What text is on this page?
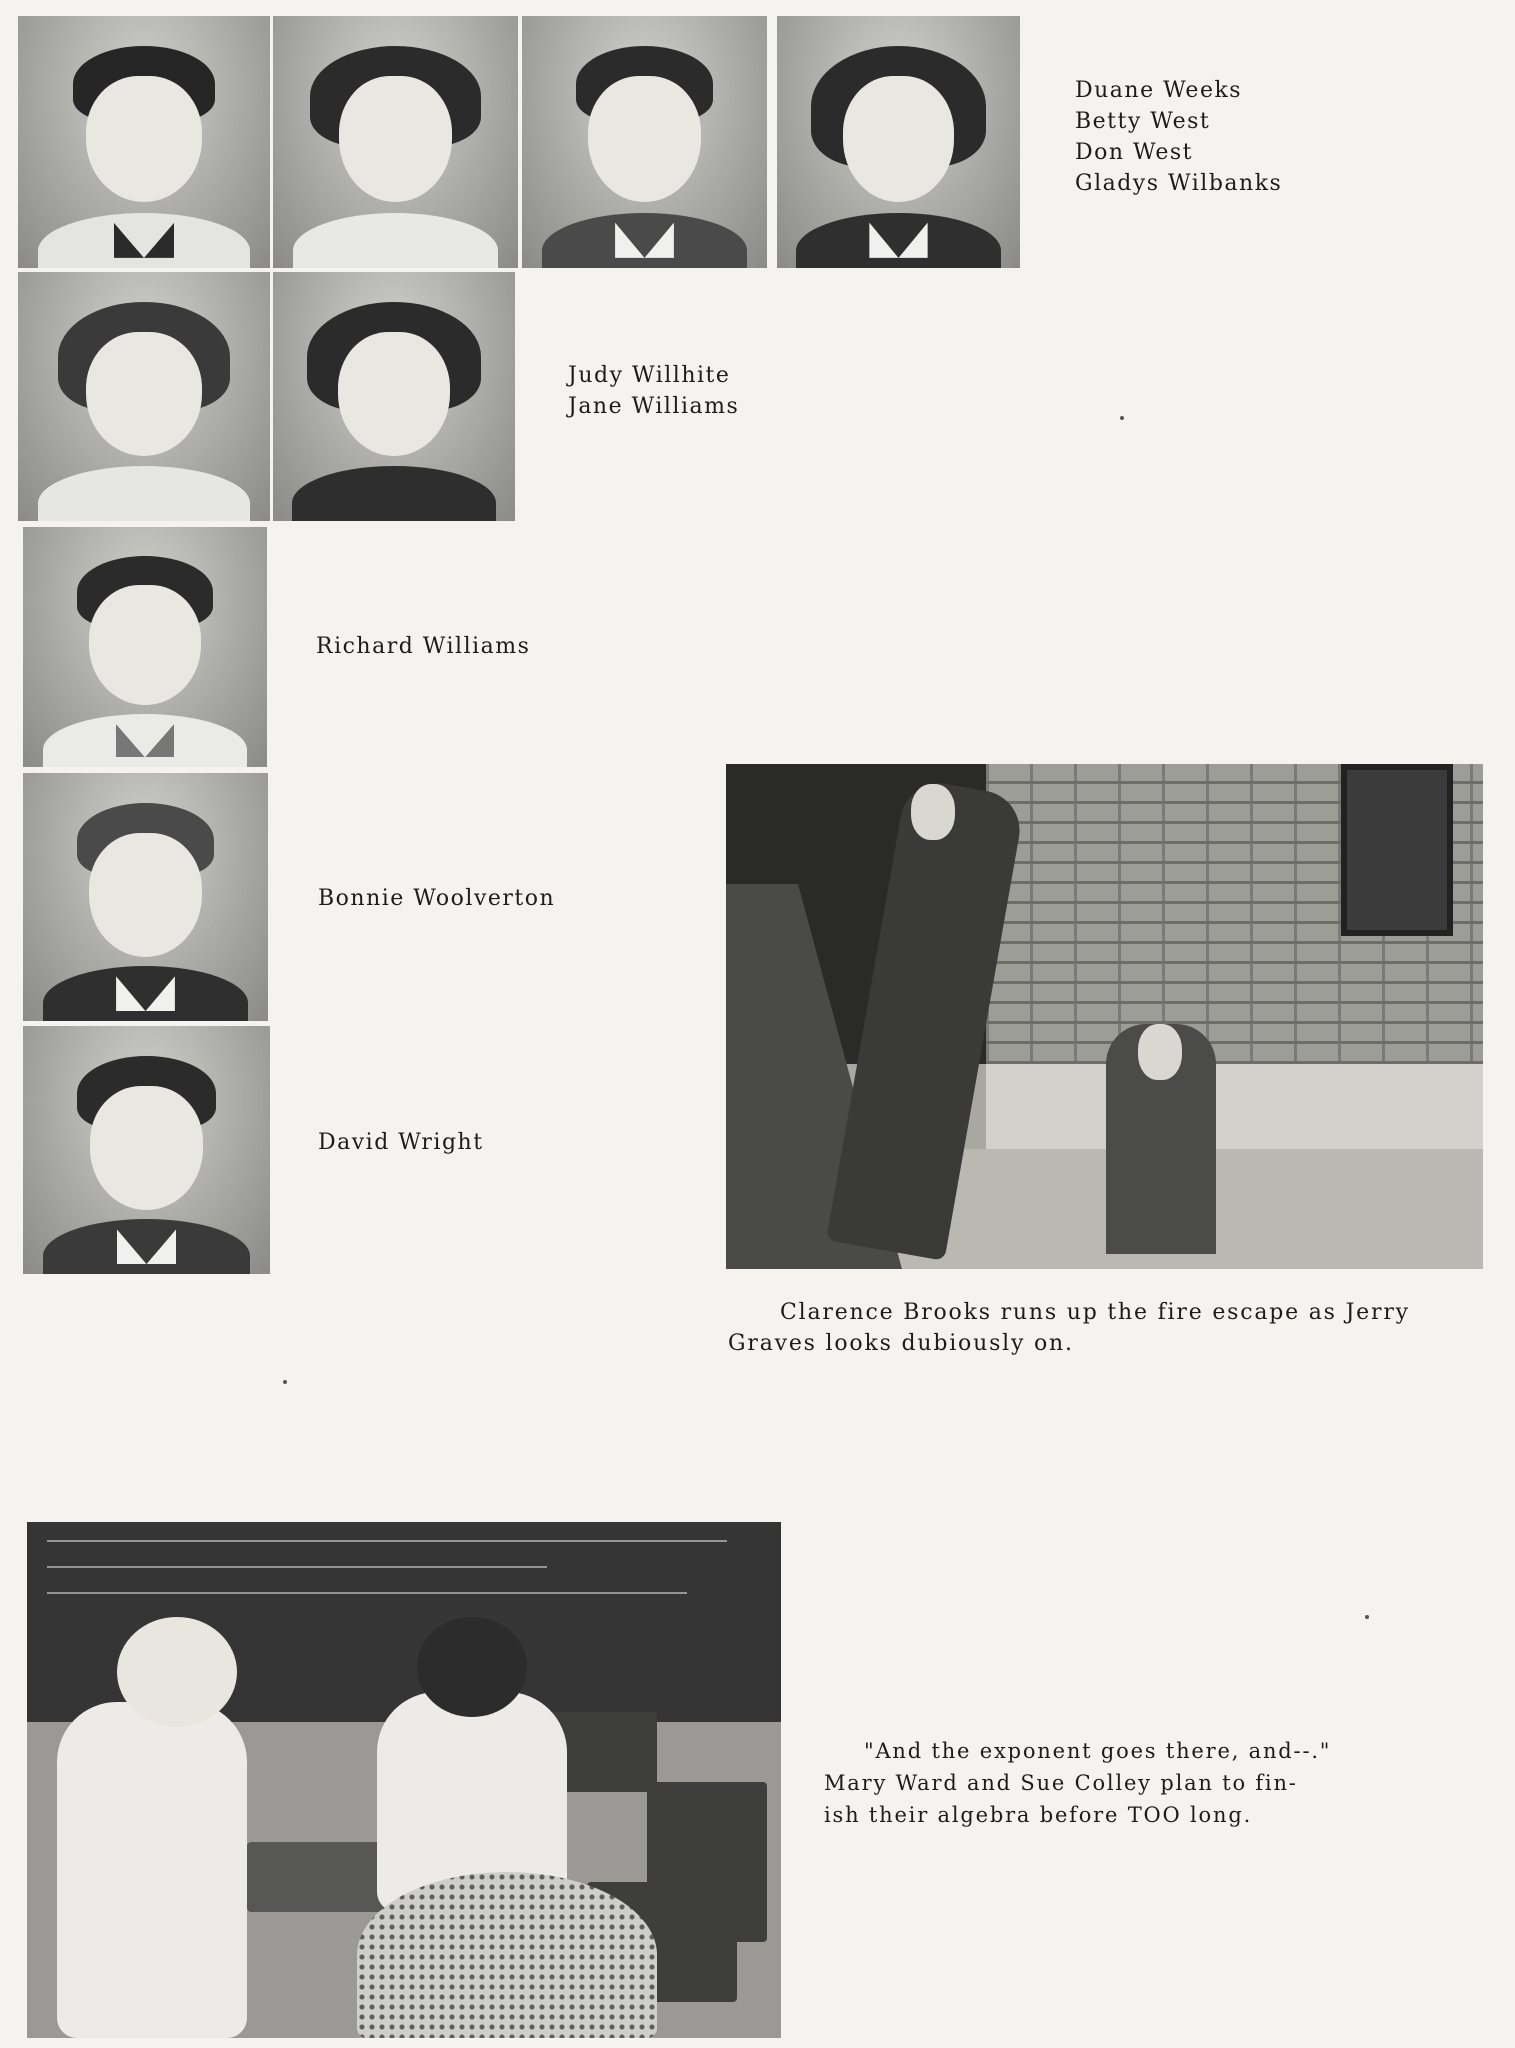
Duane Weeks
Betty West
Don West
Gladys Wilbanks
Judy Willhite
Jane Williams
Richard Williams
Bonnie Woolverton
David Wright

Clarence Brooks runs up the fire escape as Jerry
Graves looks dubiously on.

"And the exponent goes there, and--."
Mary Ward and Sue Colley plan to fin-
ish their algebra before TOO long.
